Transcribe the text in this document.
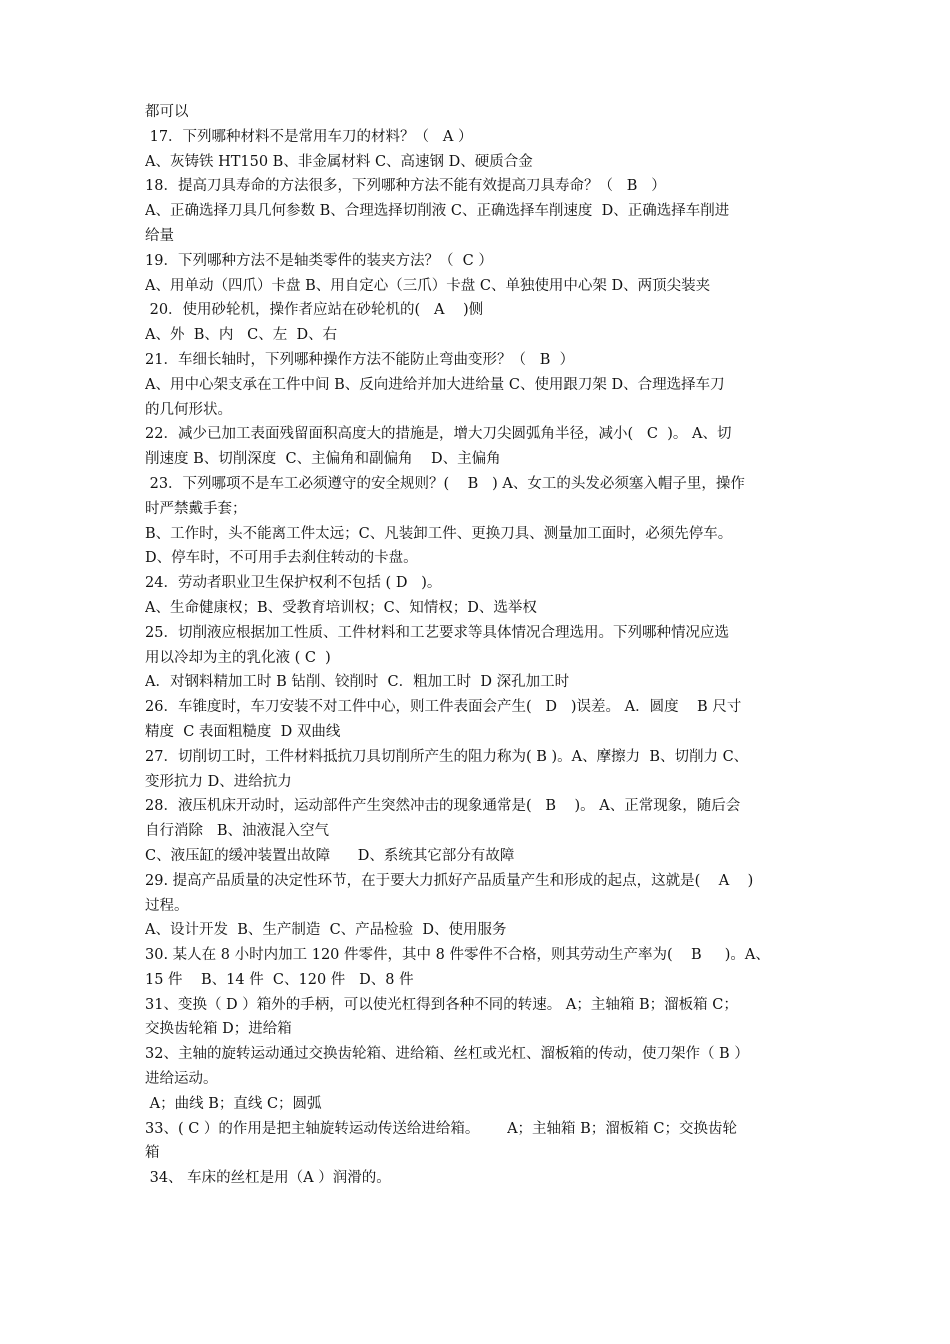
都可以
17．下列哪种材料不是常用车刀的材料？（   A ）
A、灰铸铁 HT150 B、非金属材料 C、高速钢 D、硬质合金
18．提高刀具寿命的方法很多，下列哪种方法不能有效提高刀具寿命？（   B   ）
A、正确选择刀具几何参数 B、合理选择切削液 C、正确选择车削速度  D、正确选择车削进
给量
19．下列哪种方法不是轴类零件的装夹方法？（  C ）
A、用单动（四爪）卡盘 B、用自定心（三爪）卡盘 C、单独使用中心架 D、两顶尖装夹
20．使用砂轮机，操作者应站在砂轮机的(   A    )侧
A、外  B、内   C、左  D、右
21．车细长轴时，下列哪种操作方法不能防止弯曲变形？（   B  ）
A、用中心架支承在工件中间 B、反向进给并加大进给量 C、使用跟刀架 D、合理选择车刀
的几何形状。
22．减少已加工表面残留面积高度大的措施是，增大刀尖圆弧角半径，减小(   C  )。 A、切
削速度 B、切削深度  C、主偏角和副偏角    D、主偏角
23．下列哪项不是车工必须遵守的安全规则？(    B   ) A、女工的头发必须塞入帽子里，操作
时严禁戴手套；
B、工作时，头不能离工件太远；C、凡装卸工件、更换刀具、测量加工面时，必须先停车。
D、停车时，不可用手去刹住转动的卡盘。
24．劳动者职业卫生保护权利不包括 ( D   )。
A、生命健康权；B、受教育培训权；C、知情权；D、选举权
25．切削液应根据加工性质、工件材料和工艺要求等具体情况合理选用。下列哪种情况应选
用以冷却为主的乳化液 ( C  )
A．对钢料精加工时 B 钻削、铰削时  C．粗加工时  D 深孔加工时
26．车锥度时，车刀安装不对工件中心，则工件表面会产生(   D   )误差。 A．圆度    B 尺寸
精度  C 表面粗糙度  D 双曲线
27．切削切工时，工件材料抵抗刀具切削所产生的阻力称为( B )。A、摩擦力  B、切削力 C、
变形抗力 D、进给抗力
28．液压机床开动时，运动部件产生突然冲击的现象通常是(   B    )。 A、正常现象，随后会
自行消除   B、油液混入空气
C、液压缸的缓冲装置出故障      D、系统其它部分有故障
29. 提高产品质量的决定性环节，在于要大力抓好产品质量产生和形成的起点，这就是(    A    )
过程。
A、设计开发  B、生产制造  C、产品检验  D、使用服务
30. 某人在 8 小时内加工 120 件零件，其中 8 件零件不合格，则其劳动生产率为(    B     )。A、
15 件    B、14 件  C、120 件   D、8 件
31、变换（ D ）箱外的手柄，可以使光杠得到各种不同的转速。 A；主轴箱 B；溜板箱 C；
交换齿轮箱 D；进给箱
32、主轴的旋转运动通过交换齿轮箱、进给箱、丝杠或光杠、溜板箱的传动，使刀架作（ B ）
进给运动。
A；曲线 B；直线 C；圆弧
33、( C ）的作用是把主轴旋转运动传送给进给箱。      A；主轴箱 B；溜板箱 C；交换齿轮
箱
34、 车床的丝杠是用（A ）润滑的。
